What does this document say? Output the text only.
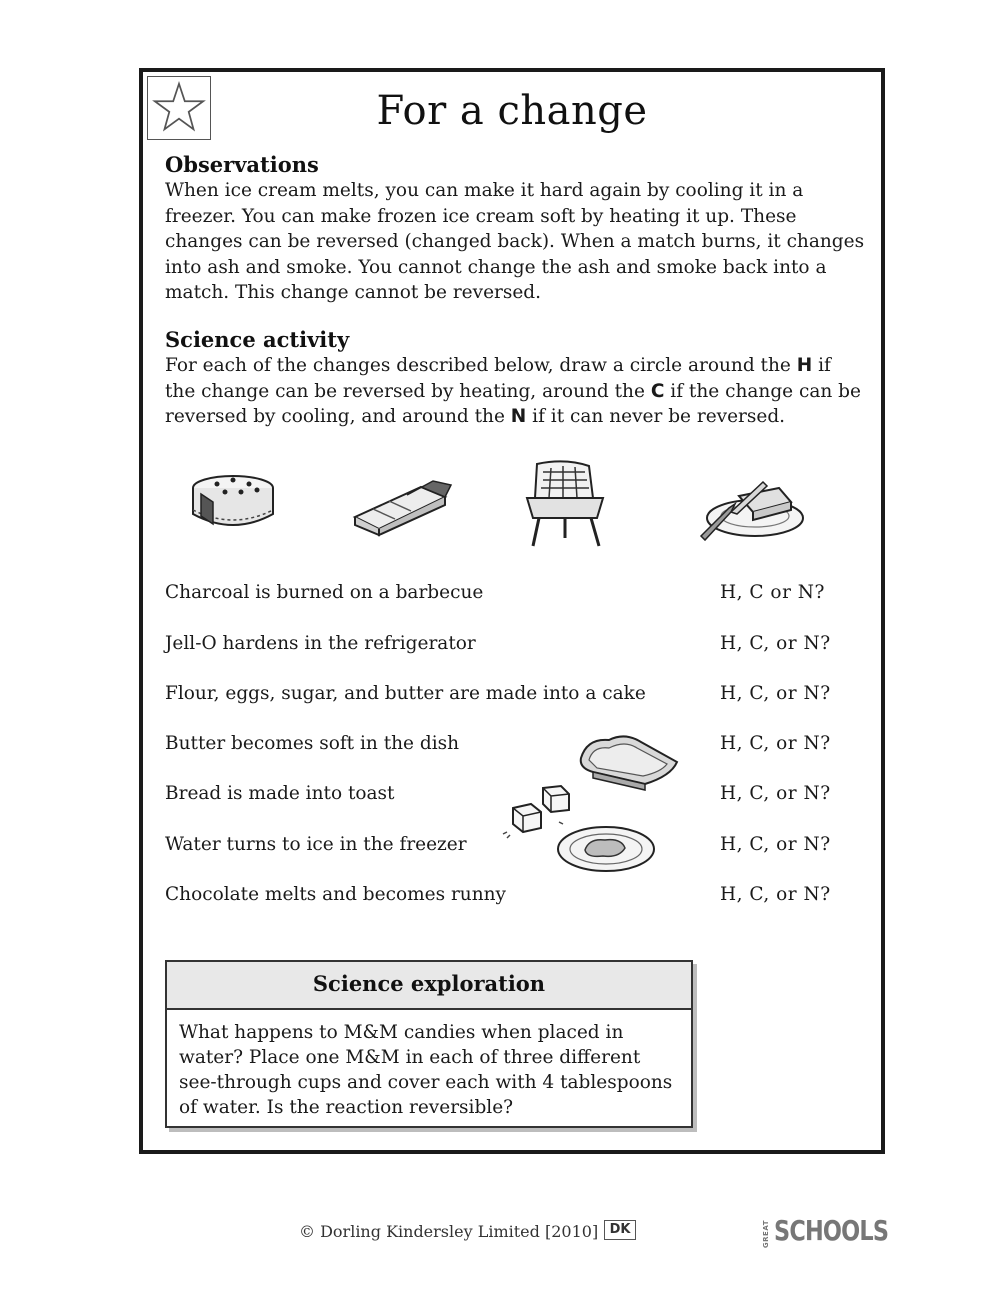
For a change
Observations
When ice cream melts, you can make it hard again by cooling it in a freezer. You can make frozen ice cream soft by heating it up. These changes can be reversed (changed back). When a match burns, it changes into ash and smoke. You cannot change the ash and smoke back into a match. This change cannot be reversed.
Science activity
For each of the changes described below, draw a circle around the H if the change can be reversed by heating, around the C if the change can be reversed by cooling, and around the N if it can never be reversed.
Charcoal is burned on a barbecue	H, C or N?
Jell-O hardens in the refrigerator	H, C, or N?
Flour, eggs, sugar, and butter are made into a cake	H, C, or N?
Butter becomes soft in the dish	H, C, or N?
Bread is made into toast	H, C, or N?
Water turns to ice in the freezer	H, C, or N?
Chocolate melts and becomes runny	H, C, or N?
Science exploration
What happens to M&M candies when placed in water? Place one M&M in each of three different see-through cups and cover each with 4 tablespoons of water. Is the reaction reversible?
© Dorling Kindersley Limited [2010] DK	GREAT SCHOOLS
